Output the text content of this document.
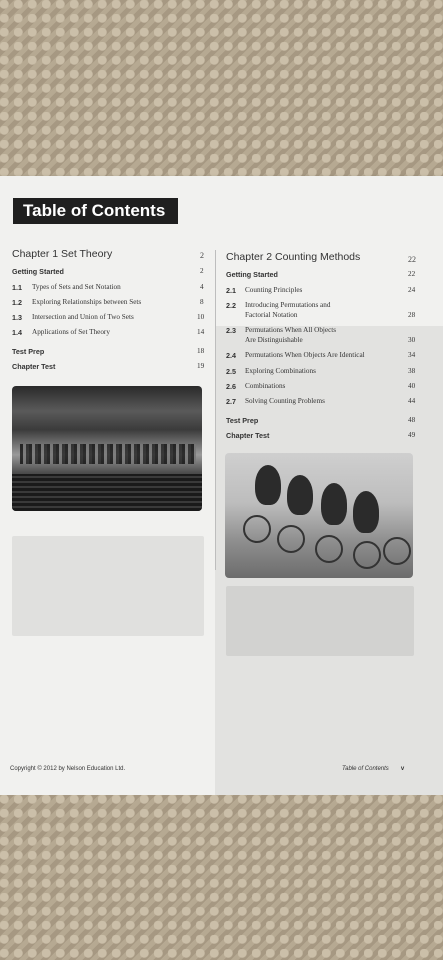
Table of Contents
Chapter 1 Set Theory	2
Getting Started	2
1.1 Types of Sets and Set Notation	4
1.2 Exploring Relationships between Sets	8
1.3 Intersection and Union of Two Sets	10
1.4 Applications of Set Theory	14
Test Prep	18
Chapter Test	19
Chapter 2 Counting Methods	22
Getting Started	22
2.1 Counting Principles	24
2.2 Introducing Permutations and
Factorial Notation	28
2.3 Permutations When All Objects
Are Distinguishable	30
2.4 Permutations When Objects Are Identical	34
2.5 Exploring Combinations	38
2.6 Combinations	40
2.7 Solving Counting Problems	44
Test Prep	48
Chapter Test	49
Copyright © 2012 by Nelson Education Ltd.	Table of Contents v
